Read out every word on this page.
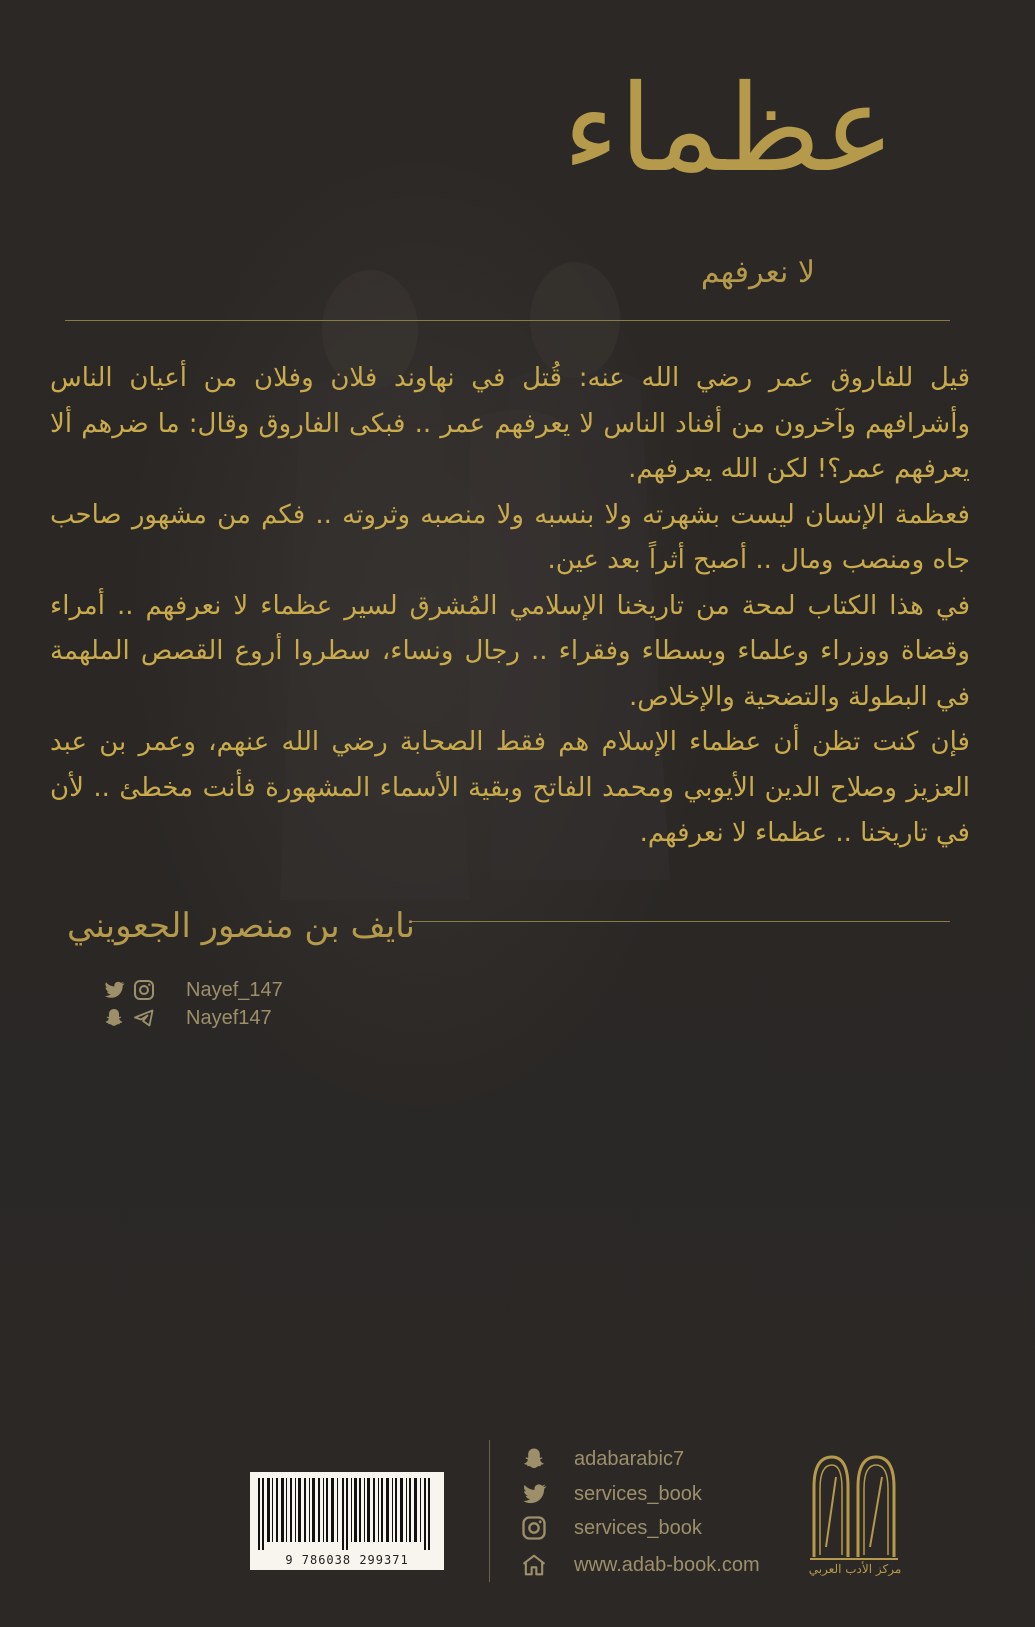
عظماء
لا نعرفهم

قيل للفاروق عمر رضي الله عنه: قُتل في نهاوند فلان وفلان من أعيان الناس وأشرافهم وآخرون من أفناد الناس لا يعرفهم عمر .. فبكى الفاروق وقال: ما ضرهم ألا يعرفهم عمر؟! لكن الله يعرفهم.

فعظمة الإنسان ليست بشهرته ولا بنسبه ولا منصبه وثروته .. فكم من مشهور صاحب جاه ومنصب ومال .. أصبح أثراً بعد عين.

في هذا الكتاب لمحة من تاريخنا الإسلامي المُشرق لسير عظماء لا نعرفهم .. أمراء وقضاة ووزراء وعلماء وبسطاء وفقراء .. رجال ونساء، سطروا أروع القصص الملهمة في البطولة والتضحية والإخلاص.

فإن كنت تظن أن عظماء الإسلام هم فقط الصحابة رضي الله عنهم، وعمر بن عبد العزيز وصلاح الدين الأيوبي ومحمد الفاتح وبقية الأسماء المشهورة فأنت مخطئ .. لأن في تاريخنا .. عظماء لا نعرفهم.

نايف بن منصور الجعويني
Nayef_147
Nayef147
9 786038 299371
adabarabic7
services_book
services_book
www.adab-book.com	مركز الأدب العربي
